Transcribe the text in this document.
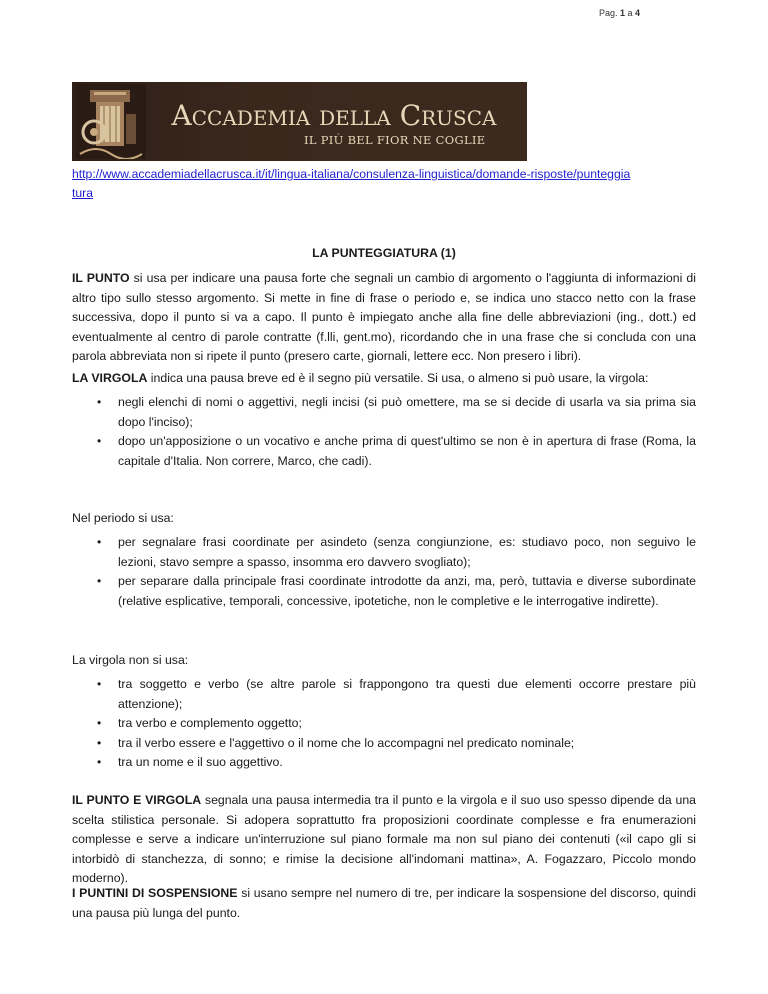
Pag. 1 a 4
Accademia della Crusca
IL PIÙ BEL FIOR NE COGLIE
http://www.accademiadellacrusca.it/it/lingua-italiana/consulenza-linguistica/domande-risposte/punteggiatura
LA PUNTEGGIATURA (1)

IL PUNTO si usa per indicare una pausa forte che segnali un cambio di argomento o l'aggiunta di informazioni di altro tipo sullo stesso argomento. Si mette in fine di frase o periodo e, se indica uno stacco netto con la frase successiva, dopo il punto si va a capo. Il punto è impiegato anche alla fine delle abbreviazioni (ing., dott.) ed eventualmente al centro di parole contratte (f.lli, gent.mo), ricordando che in una frase che si concluda con una parola abbreviata non si ripete il punto (presero carte, giornali, lettere ecc. Non presero i libri).

LA VIRGOLA indica una pausa breve ed è il segno più versatile. Si usa, o almeno si può usare, la virgola:

• negli elenchi di nomi o aggettivi, negli incisi (si può omettere, ma se si decide di usarla va sia prima sia dopo l'inciso);
• dopo un'apposizione o un vocativo e anche prima di quest'ultimo se non è in apertura di frase (Roma, la capitale d'Italia. Non correre, Marco, che cadi).

Nel periodo si usa:

• per segnalare frasi coordinate per asindeto (senza congiunzione, es: studiavo poco, non seguivo le lezioni, stavo sempre a spasso, insomma ero davvero svogliato);
• per separare dalla principale frasi coordinate introdotte da anzi, ma, però, tuttavia e diverse subordinate (relative esplicative, temporali, concessive, ipotetiche, non le completive e le interrogative indirette).

La virgola non si usa:

• tra soggetto e verbo (se altre parole si frappongono tra questi due elementi occorre prestare più attenzione);
• tra verbo e complemento oggetto;
• tra il verbo essere e l'aggettivo o il nome che lo accompagni nel predicato nominale;
• tra un nome e il suo aggettivo.

IL PUNTO E VIRGOLA segnala una pausa intermedia tra il punto e la virgola e il suo uso spesso dipende da una scelta stilistica personale. Si adopera soprattutto fra proposizioni coordinate complesse e fra enumerazioni complesse e serve a indicare un'interruzione sul piano formale ma non sul piano dei contenuti («il capo gli si intorbidò di stanchezza, di sonno; e rimise la decisione all'indomani mattina», A. Fogazzaro, Piccolo mondo moderno).

I PUNTINI DI SOSPENSIONE si usano sempre nel numero di tre, per indicare la sospensione del discorso, quindi una pausa più lunga del punto.
